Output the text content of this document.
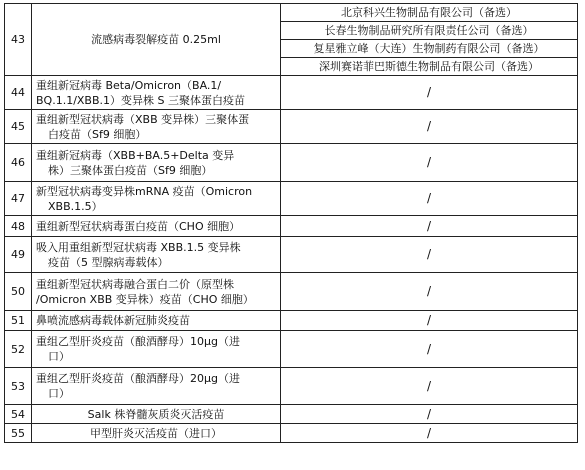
43	流感病毒裂解疫苗 0.25ml	北京科兴生物制品有限公司（备选）
		长春生物制品研究所有限责任公司（备选）
		复星雅立峰（大连）生物制药有限公司（备选）
		深圳赛诺菲巴斯德生物制品有限公司（备选）
44	重组新冠病毒 Beta/Omicron（BA.1/
BQ.1.1/XBB.1）变异株 S 三聚体蛋白疫苗	/
45	重组新型冠状病毒（XBB 变异株）三聚体蛋
白疫苗（Sf9 细胞）	/
46	重组新冠病毒（XBB+BA.5+Delta 变异
株）三聚体蛋白疫苗（Sf9 细胞）	/
47	新型冠状病毒变异株mRNA 疫苗（Omicron
XBB.1.5）	/
48	重组新型冠状病毒蛋白疫苗（CHO 细胞）	/
49	吸入用重组新型冠状病毒 XBB.1.5 变异株
疫苗（5 型腺病毒载体）	/
50	重组新型冠状病毒融合蛋白二价（原型株
/Omicron XBB 变异株）疫苗（CHO 细胞）	/
51	鼻喷流感病毒载体新冠肺炎疫苗	/
52	重组乙型肝炎疫苗（酿酒酵母）10μg（进
口）	/
53	重组乙型肝炎疫苗（酿酒酵母）20μg（进
口）	/
54	Salk 株脊髓灰质炎灭活疫苗	/
55	甲型肝炎灭活疫苗（进口）	/
